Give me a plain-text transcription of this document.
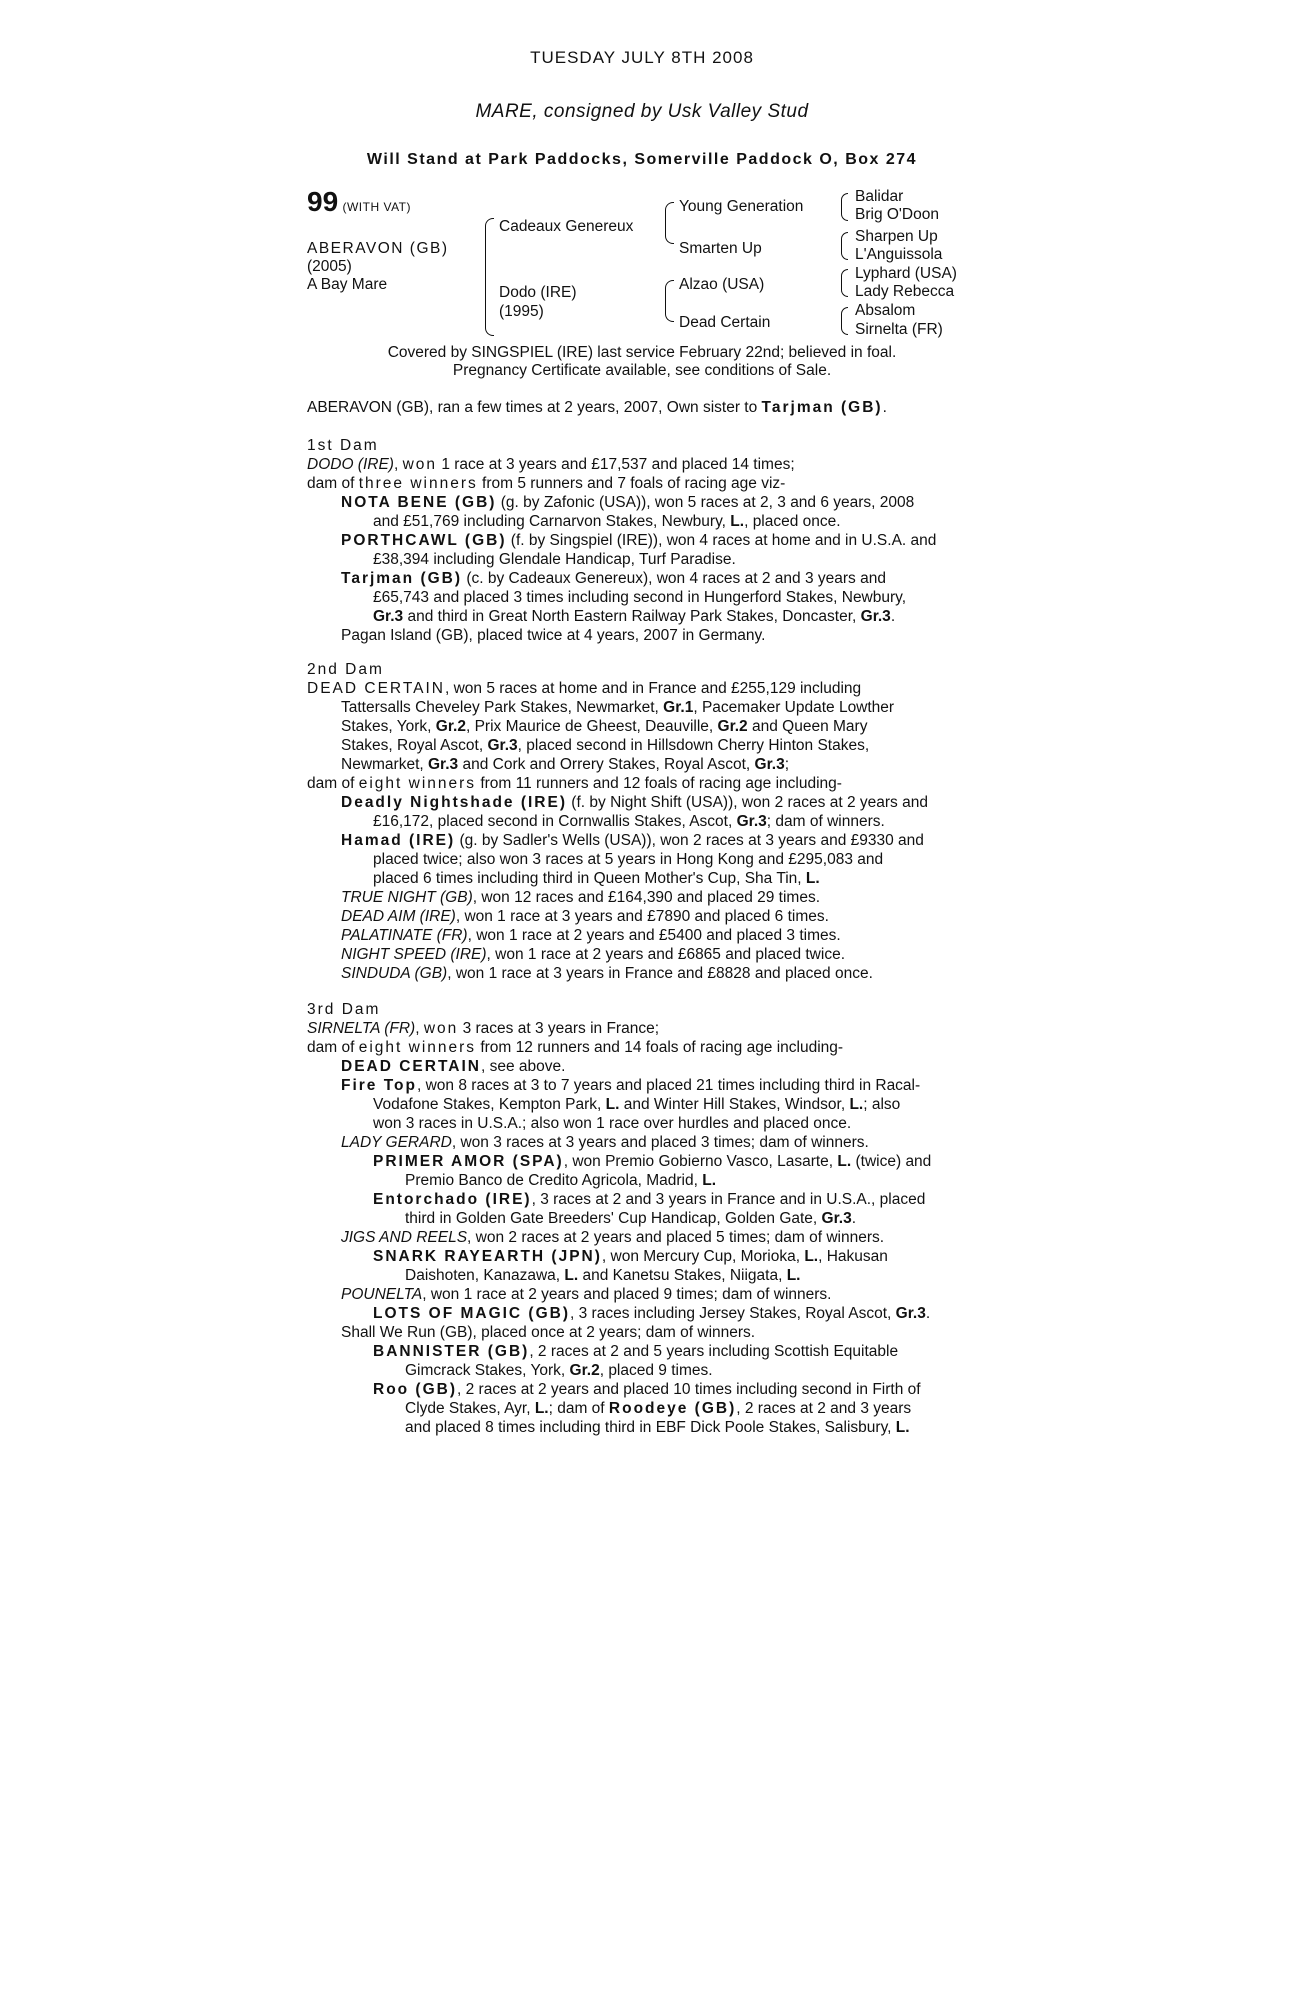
TUESDAY JULY 8TH 2008
MARE, consigned by Usk Valley Stud
Will Stand at Park Paddocks, Somerville Paddock O, Box 274
99 (WITH VAT)
ABERAVON (GB)
(2005)
A Bay Mare
Cadeaux Genereux
Dodo (IRE)
(1995)
Young Generation
Smarten Up
Alzao (USA)
Dead Certain
Balidar
Brig O'Doon
Sharpen Up
L'Anguissola
Lyphard (USA)
Lady Rebecca
Absalom
Sirnelta (FR)
Covered by SINGSPIEL (IRE) last service February 22nd; believed in foal.
Pregnancy Certificate available, see conditions of Sale.
ABERAVON (GB), ran a few times at 2 years, 2007, Own sister to Tarjman (GB).

1st Dam

DODO (IRE), won 1 race at 3 years and £17,537 and placed 14 times;

dam of three winners from 5 runners and 7 foals of racing age viz-

NOTA BENE (GB) (g. by Zafonic (USA)), won 5 races at 2, 3 and 6 years, 2008

and £51,769 including Carnarvon Stakes, Newbury, L., placed once.

PORTHCAWL (GB) (f. by Singspiel (IRE)), won 4 races at home and in U.S.A. and

£38,394 including Glendale Handicap, Turf Paradise.

Tarjman (GB) (c. by Cadeaux Genereux), won 4 races at 2 and 3 years and

£65,743 and placed 3 times including second in Hungerford Stakes, Newbury,

Gr.3 and third in Great North Eastern Railway Park Stakes, Doncaster, Gr.3.

Pagan Island (GB), placed twice at 4 years, 2007 in Germany.

2nd Dam

DEAD CERTAIN, won 5 races at home and in France and £255,129 including

Tattersalls Cheveley Park Stakes, Newmarket, Gr.1, Pacemaker Update Lowther

Stakes, York, Gr.2, Prix Maurice de Gheest, Deauville, Gr.2 and Queen Mary

Stakes, Royal Ascot, Gr.3, placed second in Hillsdown Cherry Hinton Stakes,

Newmarket, Gr.3 and Cork and Orrery Stakes, Royal Ascot, Gr.3;

dam of eight winners from 11 runners and 12 foals of racing age including-

Deadly Nightshade (IRE) (f. by Night Shift (USA)), won 2 races at 2 years and

£16,172, placed second in Cornwallis Stakes, Ascot, Gr.3; dam of winners.

Hamad (IRE) (g. by Sadler's Wells (USA)), won 2 races at 3 years and £9330 and

placed twice; also won 3 races at 5 years in Hong Kong and £295,083 and

placed 6 times including third in Queen Mother's Cup, Sha Tin, L.

TRUE NIGHT (GB), won 12 races and £164,390 and placed 29 times.

DEAD AIM (IRE), won 1 race at 3 years and £7890 and placed 6 times.

PALATINATE (FR), won 1 race at 2 years and £5400 and placed 3 times.

NIGHT SPEED (IRE), won 1 race at 2 years and £6865 and placed twice.

SINDUDA (GB), won 1 race at 3 years in France and £8828 and placed once.

3rd Dam

SIRNELTA (FR), won 3 races at 3 years in France;

dam of eight winners from 12 runners and 14 foals of racing age including-

DEAD CERTAIN, see above.

Fire Top, won 8 races at 3 to 7 years and placed 21 times including third in Racal-

Vodafone Stakes, Kempton Park, L. and Winter Hill Stakes, Windsor, L.; also

won 3 races in U.S.A.; also won 1 race over hurdles and placed once.

LADY GERARD, won 3 races at 3 years and placed 3 times; dam of winners.

PRIMER AMOR (SPA), won Premio Gobierno Vasco, Lasarte, L. (twice) and

Premio Banco de Credito Agricola, Madrid, L.

Entorchado (IRE), 3 races at 2 and 3 years in France and in U.S.A., placed

third in Golden Gate Breeders' Cup Handicap, Golden Gate, Gr.3.

JIGS AND REELS, won 2 races at 2 years and placed 5 times; dam of winners.

SNARK RAYEARTH (JPN), won Mercury Cup, Morioka, L., Hakusan

Daishoten, Kanazawa, L. and Kanetsu Stakes, Niigata, L.

POUNELTA, won 1 race at 2 years and placed 9 times; dam of winners.

LOTS OF MAGIC (GB), 3 races including Jersey Stakes, Royal Ascot, Gr.3.

Shall We Run (GB), placed once at 2 years; dam of winners.

BANNISTER (GB), 2 races at 2 and 5 years including Scottish Equitable

Gimcrack Stakes, York, Gr.2, placed 9 times.

Roo (GB), 2 races at 2 years and placed 10 times including second in Firth of

Clyde Stakes, Ayr, L.; dam of Roodeye (GB), 2 races at 2 and 3 years

and placed 8 times including third in EBF Dick Poole Stakes, Salisbury, L.
